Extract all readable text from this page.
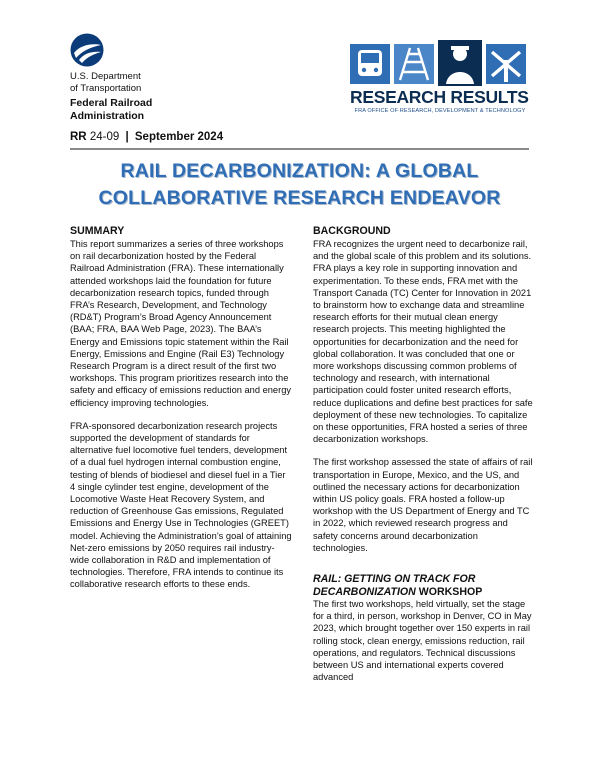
U.S. Department
of Transportation
Federal Railroad
Administration
RESEARCH RESULTS
FRA OFFICE OF RESEARCH, DEVELOPMENT & TECHNOLOGY
RR 24-09 | September 2024
RAIL DECARBONIZATION: A GLOBAL
COLLABORATIVE RESEARCH ENDEAVOR
SUMMARY

This report summarizes a series of three workshops on rail decarbonization hosted by the Federal Railroad Administration (FRA). These internationally attended workshops laid the foundation for future decarbonization research topics, funded through FRA’s Research, Development, and Technology (RD&T) Program’s Broad Agency Announcement (BAA; FRA, BAA Web Page, 2023). The BAA’s Energy and Emissions topic statement within the Rail Energy, Emissions and Engine (Rail E3) Technology Research Program is a direct result of the first two workshops. This program prioritizes research into the safety and efficacy of emissions reduction and energy efficiency improving technologies.

FRA-sponsored decarbonization research projects supported the development of standards for alternative fuel locomotive fuel tenders, development of a dual fuel hydrogen internal combustion engine, testing of blends of biodiesel and diesel fuel in a Tier 4 single cylinder test engine, development of the Locomotive Waste Heat Recovery System, and reduction of Greenhouse Gas emissions, Regulated Emissions and Energy Use in Technologies (GREET) model. Achieving the Administration’s goal of attaining Net-zero emissions by 2050 requires rail industry-wide collaboration in R&D and implementation of technologies. Therefore, FRA intends to continue its collaborative research efforts to these ends.

BACKGROUND

FRA recognizes the urgent need to decarbonize rail, and the global scale of this problem and its solutions. FRA plays a key role in supporting innovation and experimentation. To these ends, FRA met with the Transport Canada (TC) Center for Innovation in 2021 to brainstorm how to exchange data and streamline research efforts for their mutual clean energy research projects. This meeting highlighted the opportunities for decarbonization and the need for global collaboration. It was concluded that one or more workshops discussing common problems of technology and research, with international participation could foster united research efforts, reduce duplications and define best practices for safe deployment of these new technologies. To capitalize on these opportunities, FRA hosted a series of three decarbonization workshops.

The first workshop assessed the state of affairs of rail transportation in Europe, Mexico, and the US, and outlined the necessary actions for decarbonization within US policy goals. FRA hosted a follow-up workshop with the US Department of Energy and TC in 2022, which reviewed research progress and safety concerns around decarbonization technologies.

RAIL: GETTING ON TRACK FOR
DECARBONIZATION WORKSHOP

The first two workshops, held virtually, set the stage for a third, in person, workshop in Denver, CO in May 2023, which brought together over 150 experts in rail rolling stock, clean energy, emissions reduction, rail operations, and regulators. Technical discussions between US and international experts covered advanced
